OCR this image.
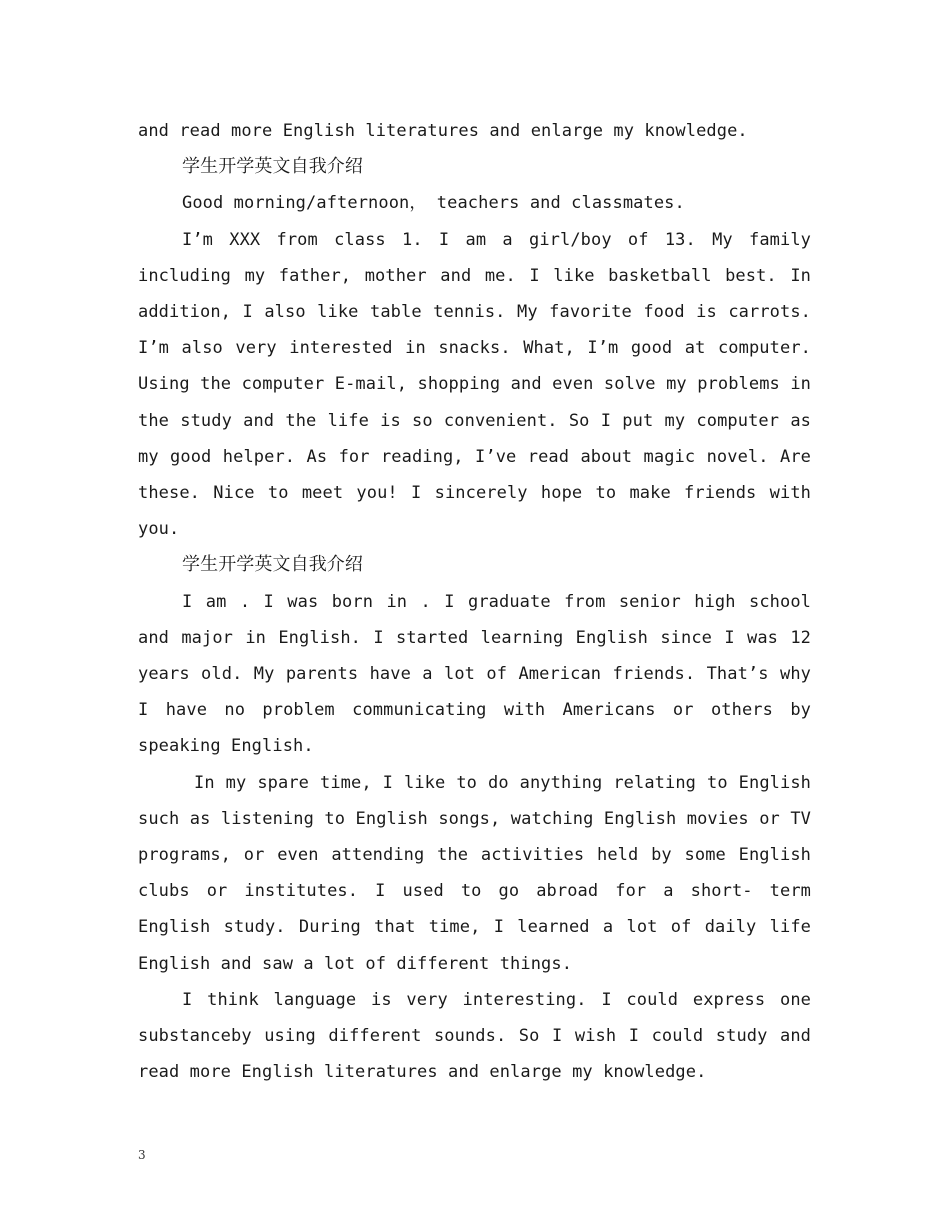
and read more English literatures and enlarge my knowledge.

学生开学英文自我介绍

Good morning/afternoon， teachers and classmates.

I’m XXX from class 1. I am a girl/boy of 13. My family including my father, mother and me. I like basketball best. In addition, I also like table tennis. My favorite food is carrots. I’m also very interested in snacks. What, I’m good at computer. Using the computer E-mail, shopping and even solve my problems in the study and the life is so convenient. So I put my computer as my good helper. As for reading, I’ve read about magic novel. Are these. Nice to meet you! I sincerely hope to make friends with you.

学生开学英文自我介绍

I am . I was born in . I graduate from senior high school and major in English. I started learning English since I was 12 years old. My parents have a lot of American friends. That’s why I have no problem communicating with Americans or others by speaking English.

In my spare time, I like to do anything relating to English such as listening to English songs, watching English movies or TV programs, or even attending the activities held by some English clubs or institutes. I used to go abroad for a short- term English study. During that time, I learned a lot of daily life English and saw a lot of different things.

I think language is very interesting. I could express one substanceby using different sounds. So I wish I could study and read more English literatures and enlarge my knowledge.

3
